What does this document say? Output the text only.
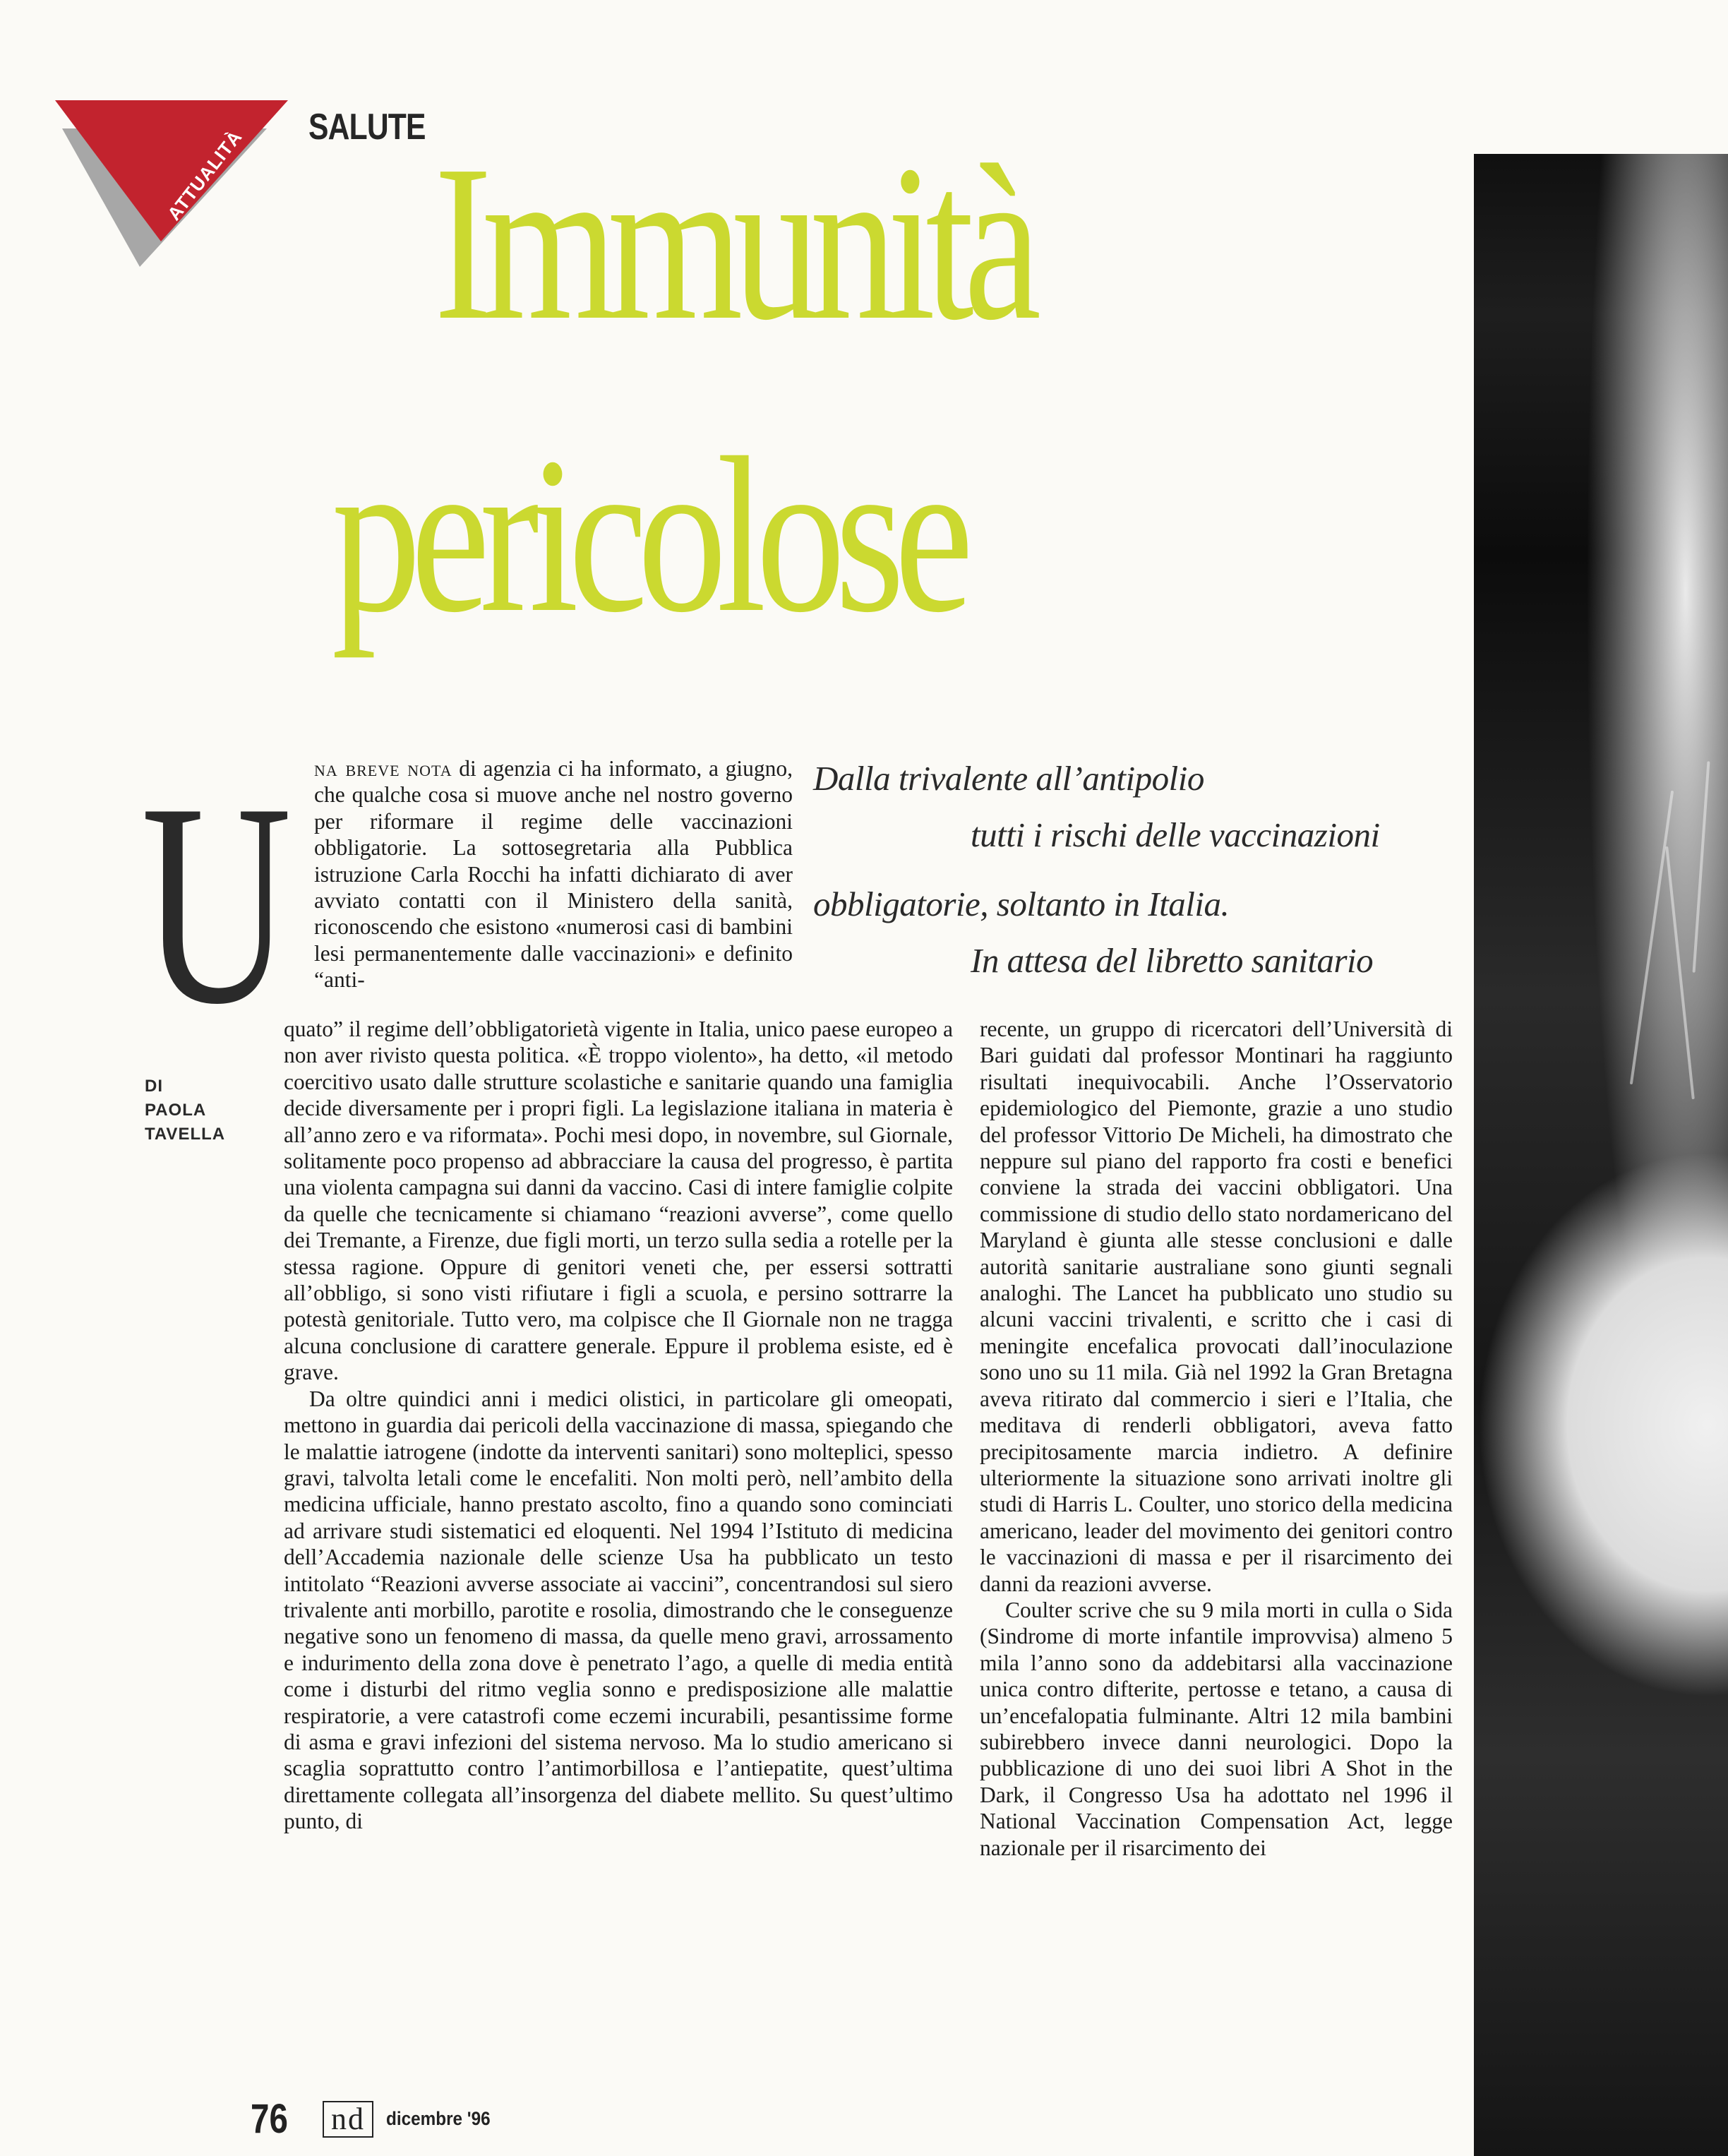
ATTUALITÀ SALUTE Immunità
pericolose
U
DI
PAOLA
TAVELLA

na breve nota di agenzia ci ha informato, a giugno, che qualche cosa si muove anche nel nostro governo per riformare il regime delle vaccinazioni obbligatorie. La sottosegretaria alla Pubblica istruzione Carla Rocchi ha infatti dichiarato di aver avviato contatti con il Ministero della sanità, riconoscendo che esistono «numerosi casi di bambini lesi permanentemente dalle vaccinazioni» e definito “anti-

Dalla trivalente all’antipolio
tutti i rischi delle vaccinazioni
obbligatorie, soltanto in Italia.
In attesa del libretto sanitario

quato” il regime dell’obbligatorietà vigente in Italia, unico paese europeo a non aver rivisto questa politica. «È troppo violento», ha detto, «il metodo coercitivo usato dalle strutture scolastiche e sanitarie quando una famiglia decide diversamente per i propri figli. La legislazione italiana in materia è all’anno zero e va riformata». Pochi mesi dopo, in novembre, sul Giornale, solitamente poco propenso ad abbracciare la causa del progresso, è partita una violenta campagna sui danni da vaccino. Casi di intere famiglie colpite da quelle che tecnicamente si chiamano “reazioni avverse”, come quello dei Tremante, a Firenze, due figli morti, un terzo sulla sedia a rotelle per la stessa ragione. Oppure di genitori veneti che, per essersi sottratti all’obbligo, si sono visti rifiutare i figli a scuola, e persino sottrarre la potestà genitoriale. Tutto vero, ma colpisce che Il Giornale non ne tragga alcuna conclusione di carattere generale. Eppure il problema esiste, ed è grave.

Da oltre quindici anni i medici olistici, in particolare gli omeopati, mettono in guardia dai pericoli della vaccinazione di massa, spiegando che le malattie iatrogene (indotte da interventi sanitari) sono molteplici, spesso gravi, talvolta letali come le encefaliti. Non molti però, nell’ambito della medicina ufficiale, hanno prestato ascolto, fino a quando sono cominciati ad arrivare studi sistematici ed eloquenti. Nel 1994 l’Istituto di medicina dell’Accademia nazionale delle scienze Usa ha pubblicato un testo intitolato “Reazioni avverse associate ai vaccini”, concentrandosi sul siero trivalente anti morbillo, parotite e rosolia, dimostrando che le conseguenze negative sono un fenomeno di massa, da quelle meno gravi, arrossamento e indurimento della zona dove è penetrato l’ago, a quelle di media entità come i disturbi del ritmo veglia sonno e predisposizione alle malattie respiratorie, a vere catastrofi come eczemi incurabili, pesantissime forme di asma e gravi infezioni del sistema nervoso. Ma lo studio americano si scaglia soprattutto contro l’antimorbillosa e l’antiepatite, quest’ultima direttamente collegata all’insorgenza del diabete mellito. Su quest’ultimo punto, di

recente, un gruppo di ricercatori dell’Università di Bari guidati dal professor Montinari ha raggiunto risultati inequivocabili. Anche l’Osservatorio epidemiologico del Piemonte, grazie a uno studio del professor Vittorio De Micheli, ha dimostrato che neppure sul piano del rapporto fra costi e benefici conviene la strada dei vaccini obbligatori. Una commissione di studio dello stato nordamericano del Maryland è giunta alle stesse conclusioni e dalle autorità sanitarie australiane sono giunti segnali analoghi. The Lancet ha pubblicato uno studio su alcuni vaccini trivalenti, e scritto che i casi di meningite encefalica provocati dall’inoculazione sono uno su 11 mila. Già nel 1992 la Gran Bretagna aveva ritirato dal commercio i sieri e l’Italia, che meditava di renderli obbligatori, aveva fatto precipitosamente marcia indietro. A definire ulteriormente la situazione sono arrivati inoltre gli studi di Harris L. Coulter, uno storico della medicina americano, leader del movimento dei genitori contro le vaccinazioni di massa e per il risarcimento dei danni da reazioni avverse.

Coulter scrive che su 9 mila morti in culla o Sida (Sindrome di morte infantile improvvisa) almeno 5 mila l’anno sono da addebitarsi alla vaccinazione unica contro difterite, pertosse e tetano, a causa di un’encefalopatia fulminante. Altri 12 mila bambini subirebbero invece danni neurologici. Dopo la pubblicazione di uno dei suoi libri A Shot in the Dark, il Congresso Usa ha adottato nel 1996 il National Vaccination Compensation Act, legge nazionale per il risarcimento dei

76	nd	dicembre '96
